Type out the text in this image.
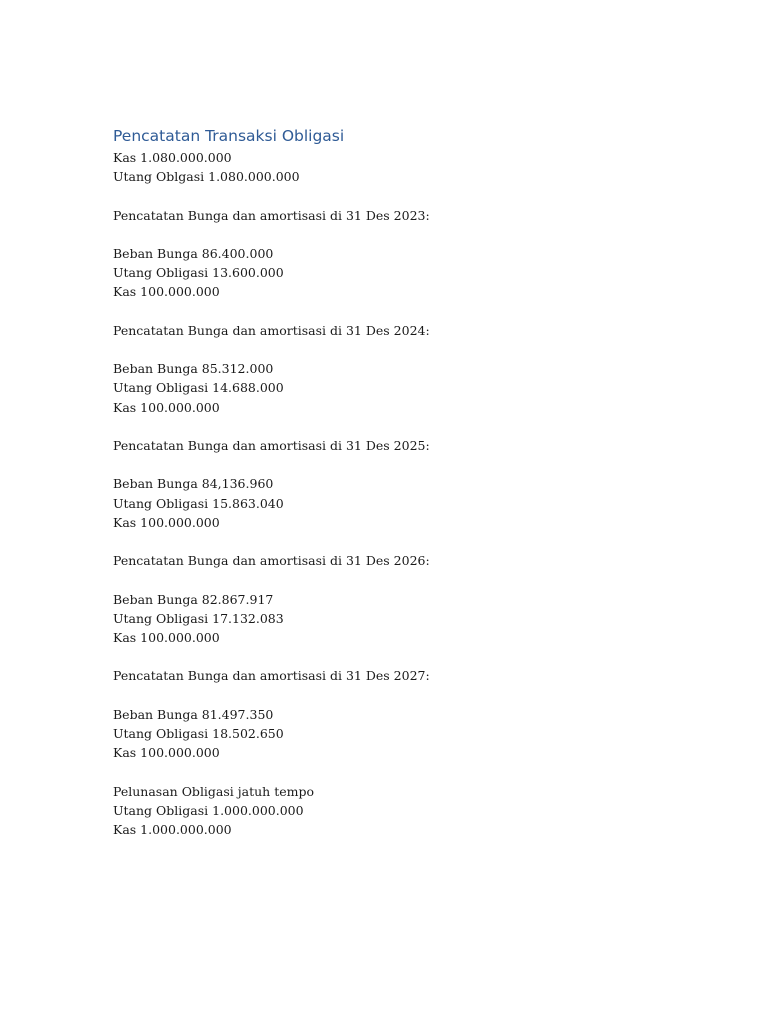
Pencatatan Transaksi Obligasi

Kas 1.080.000.000

Utang Oblgasi 1.080.000.000

Pencatatan Bunga dan amortisasi di 31 Des 2023:

Beban Bunga 86.400.000

Utang Obligasi 13.600.000

Kas 100.000.000

Pencatatan Bunga dan amortisasi di 31 Des 2024:

Beban Bunga 85.312.000

Utang Obligasi 14.688.000

Kas 100.000.000

Pencatatan Bunga dan amortisasi di 31 Des 2025:

Beban Bunga 84,136.960

Utang Obligasi 15.863.040

Kas 100.000.000

Pencatatan Bunga dan amortisasi di 31 Des 2026:

Beban Bunga 82.867.917

Utang Obligasi 17.132.083

Kas 100.000.000

Pencatatan Bunga dan amortisasi di 31 Des 2027:

Beban Bunga 81.497.350

Utang Obligasi 18.502.650

Kas 100.000.000

Pelunasan Obligasi jatuh tempo

Utang Obligasi 1.000.000.000

Kas 1.000.000.000
